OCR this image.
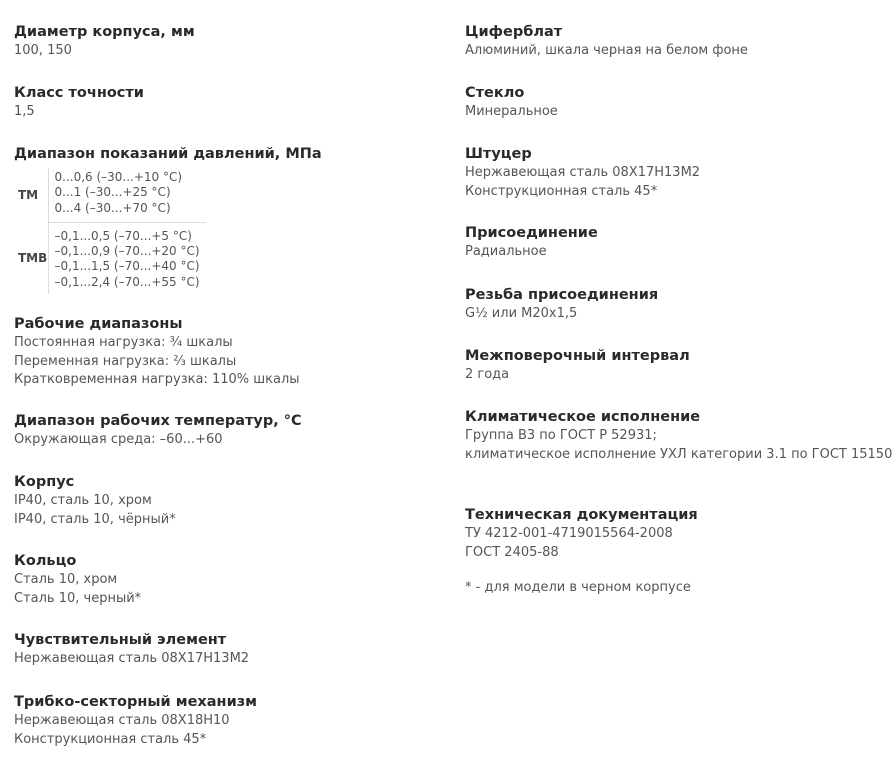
Диаметр корпуса, мм
100, 150
Класс точности
1,5
Диапазон показаний давлений, МПа
ТМ	0...0,6 (–30...+10 °C)
0...1 (–30...+25 °C)
0...4 (–30...+70 °C)

ТМВ	–0,1...0,5 (–70...+5 °C)
–0,1...0,9 (–70...+20 °C)
–0,1...1,5 (–70...+40 °C)
–0,1...2,4 (–70...+55 °C)
Рабочие диапазоны
Постоянная нагрузка: ¾ шкалы
Переменная нагрузка: ⅔ шкалы
Кратковременная нагрузка: 110% шкалы
Диапазон рабочих температур, °С
Окружающая среда: –60...+60
Корпус
IP40, сталь 10, хром
IP40, сталь 10, чёрный*
Кольцо
Сталь 10, хром
Сталь 10, черный*
Чувствительный элемент
Нержавеющая сталь 08Х17Н13М2
Трибко-секторный механизм
Нержавеющая сталь 08Х18Н10
Конструкционная сталь 45*
Циферблат
Алюминий, шкала черная на белом фоне
Стекло
Минеральное
Штуцер
Нержавеющая сталь 08Х17Н13М2
Конструкционная сталь 45*
Присоединение
Радиальное
Резьба присоединения
G½ или М20х1,5
Межповерочный интервал
2 года
Климатическое исполнение
Группа В3 по ГОСТ Р 52931;
климатическое исполнение УХЛ категории 3.1 по ГОСТ 15150
Техническая документация
ТУ 4212-001-4719015564-2008
ГОСТ 2405-88
* - для модели в черном корпусе
